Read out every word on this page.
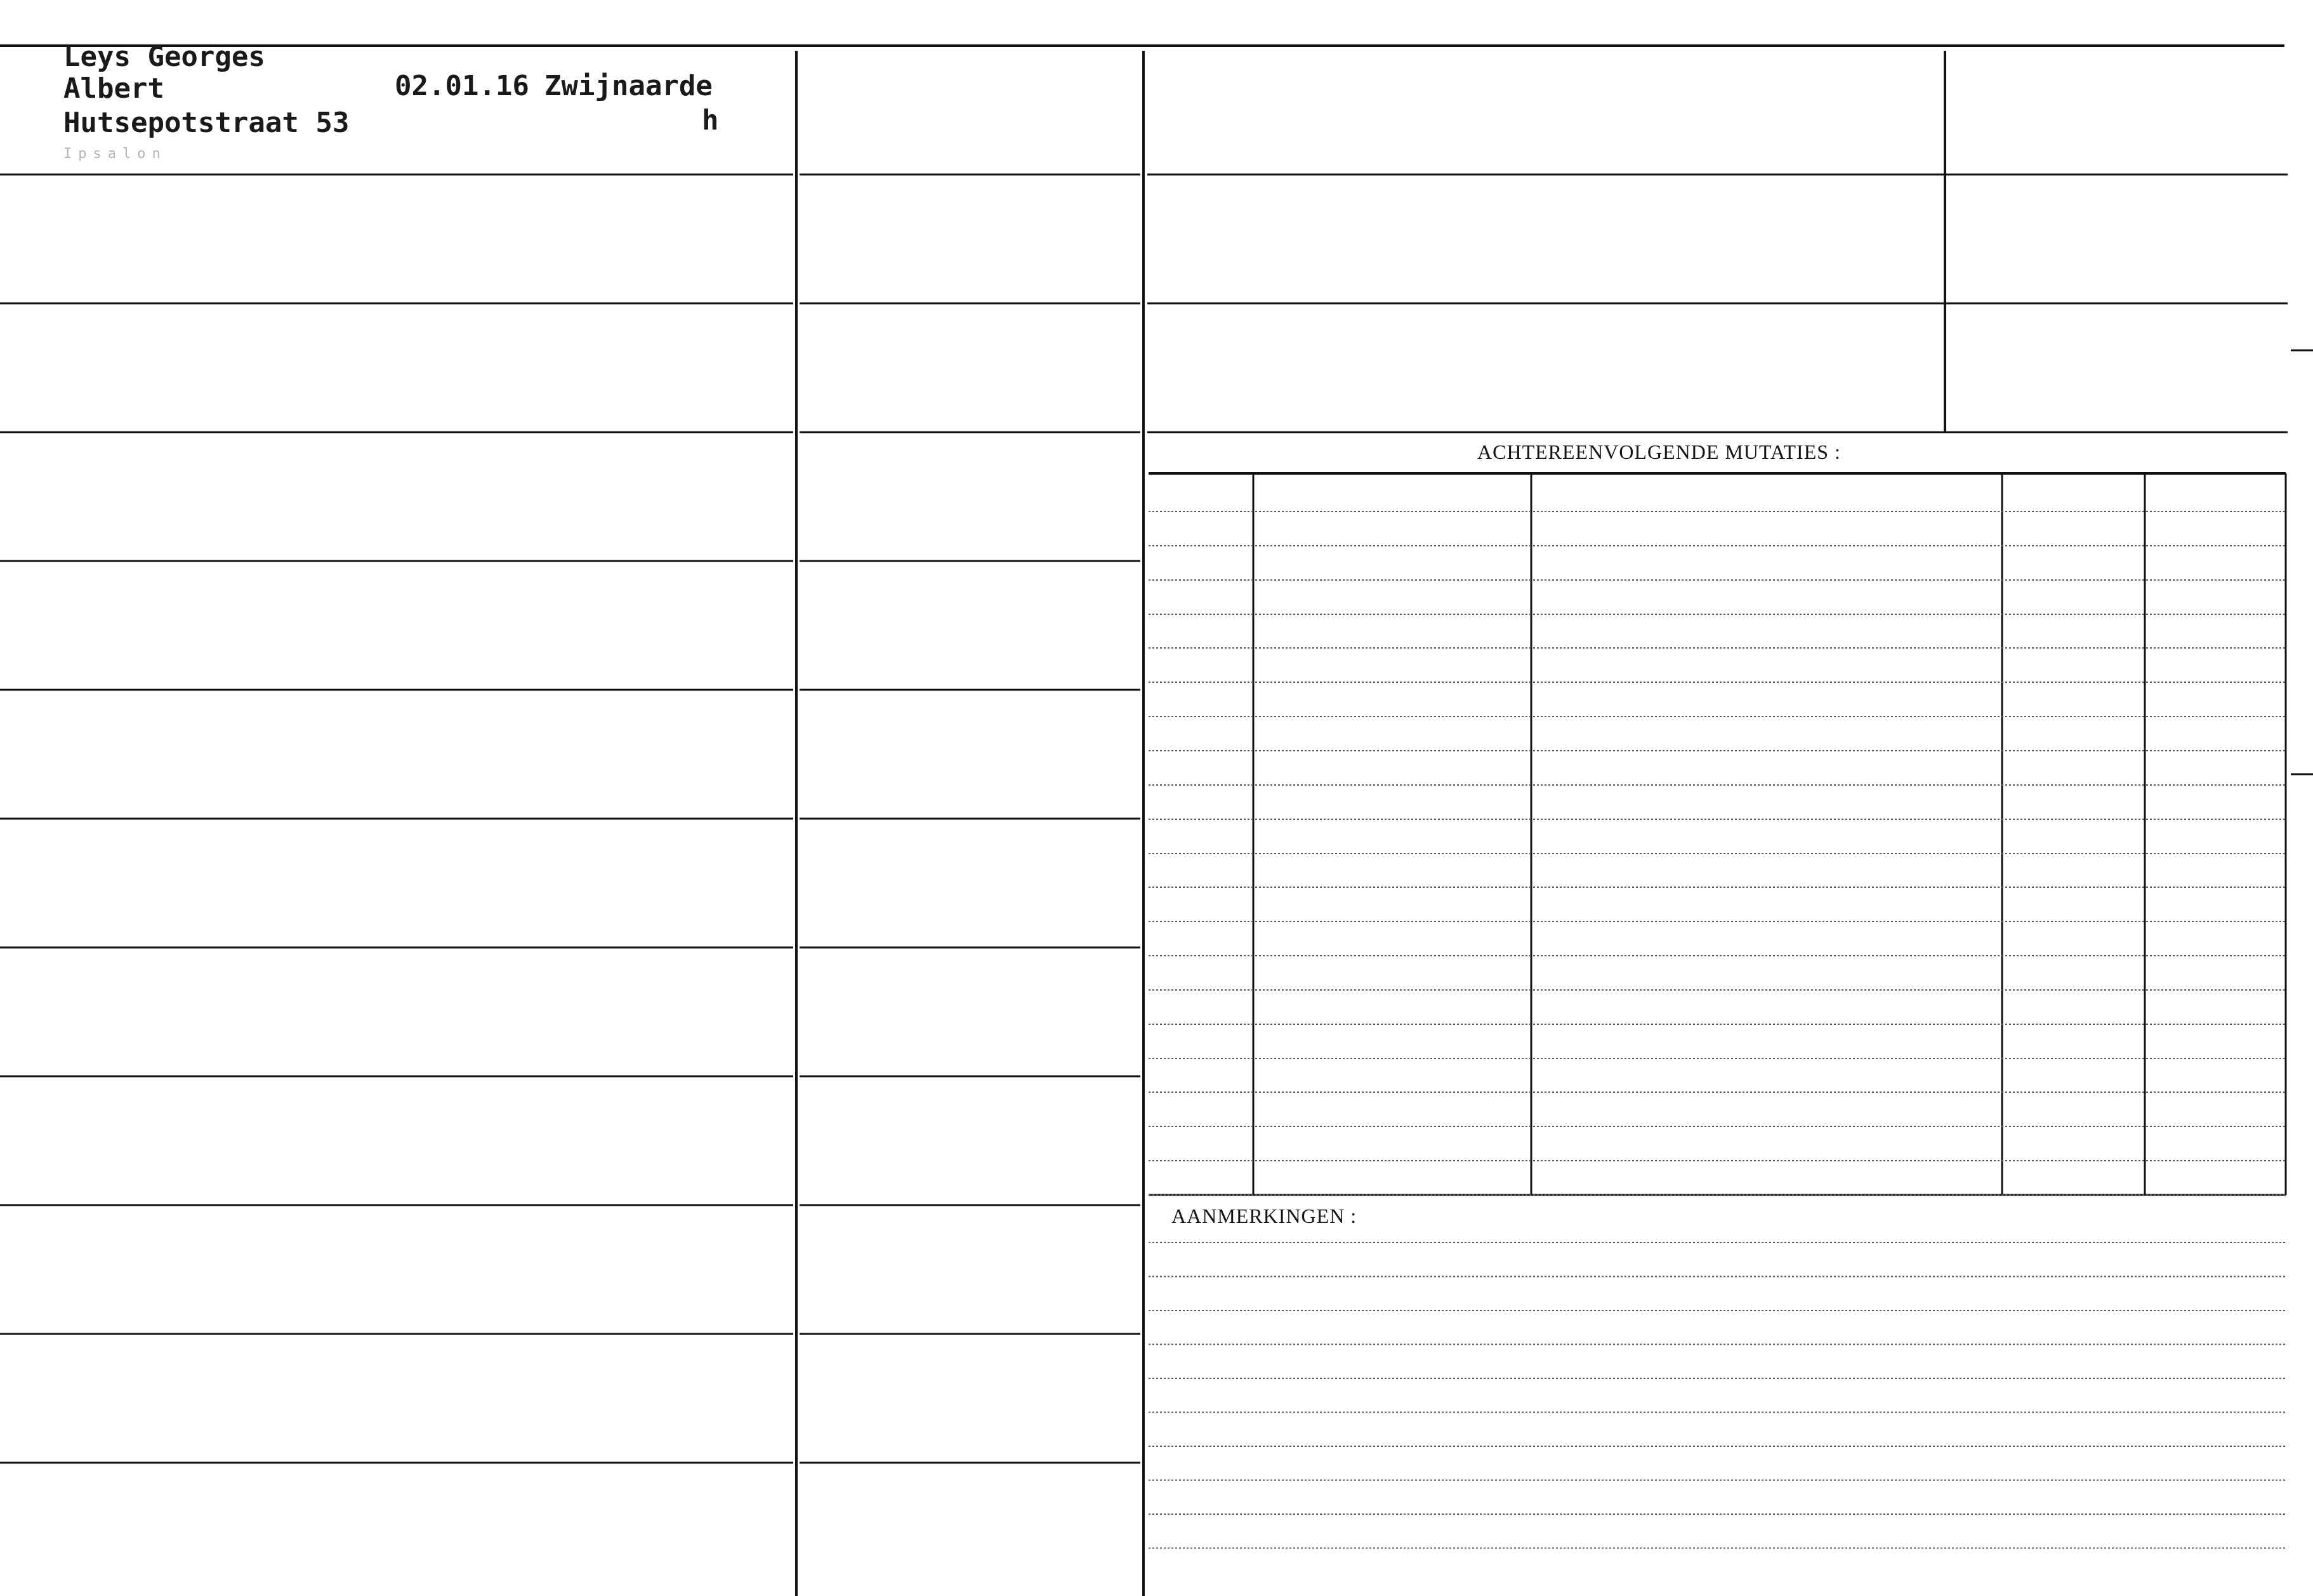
Leys Georges
Albert
Hutsepotstraat 53
02.01.16 Zwijnaarde
h
Ipsalon
ACHTEREENVOLGENDE MUTATIES :
AANMERKINGEN :
